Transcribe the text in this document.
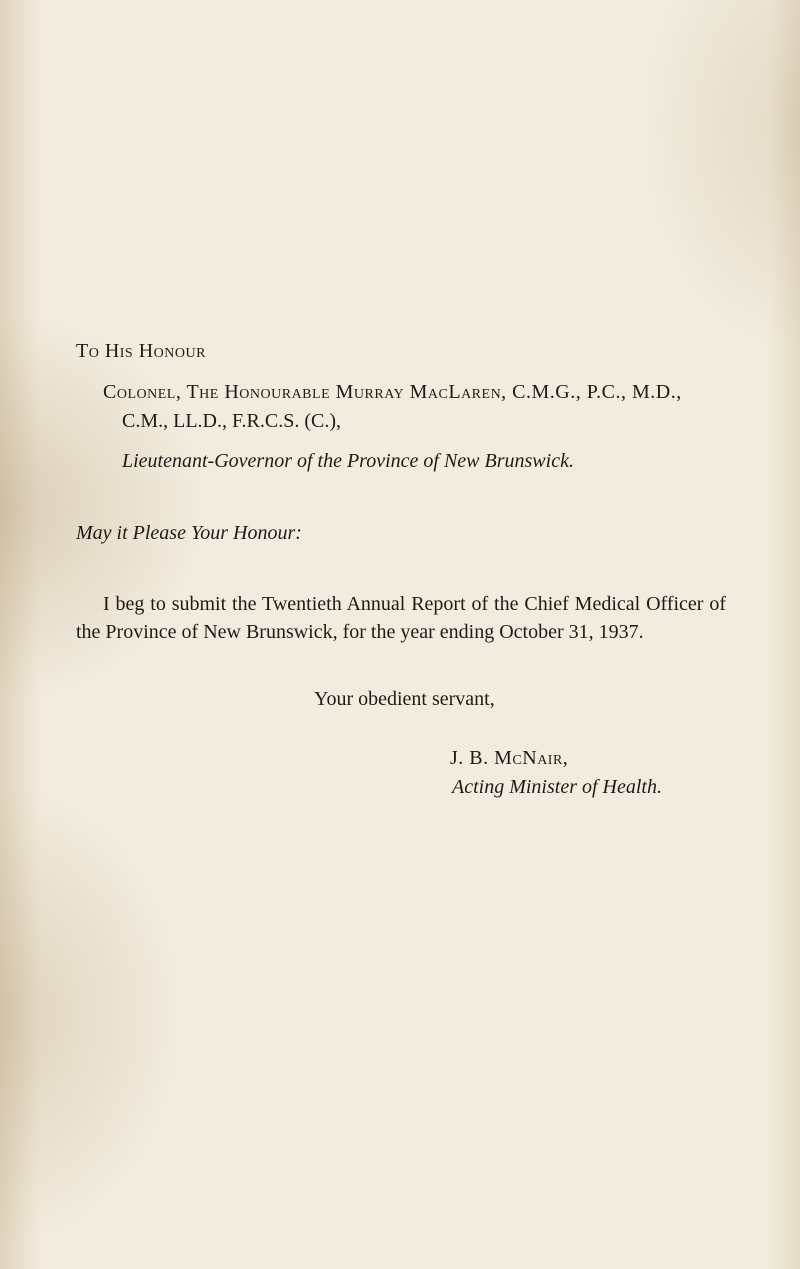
To His Honour
Colonel, The Honourable Murray MacLaren, C.M.G., P.C., M.D.,
C.M., LL.D., F.R.C.S. (C.),
Lieutenant-Governor of the Province of New Brunswick.
May it Please Your Honour:
I beg to submit the Twentieth Annual Report of the Chief Medical Officer of the Province of New Brunswick, for the year ending October 31, 1937.
Your obedient servant,
J. B. McNair,
Acting Minister of Health.
